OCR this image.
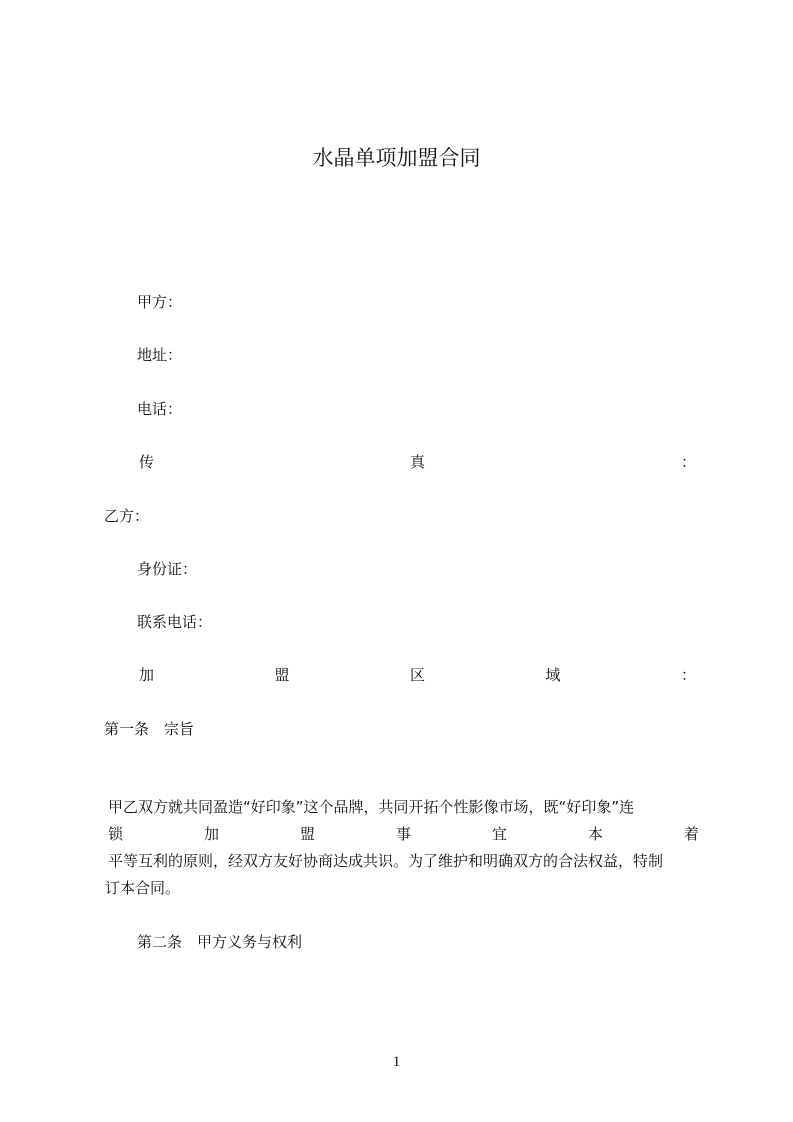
水晶单项加盟合同
甲方：
地址：
电话：
传	真	：
乙方：
身份证：
联系电话：
加	盟	区	域	：
第一条　宗旨
甲乙双方就共同盈造“好印象”这个品牌，共同开拓个性影像市场，既“好印象”连
锁	加	盟	事	宜	本	着
平等互利的原则，经双方友好协商达成共识。为了维护和明确双方的合法权益，特制
订本合同。
第二条　甲方义务与权利
1
